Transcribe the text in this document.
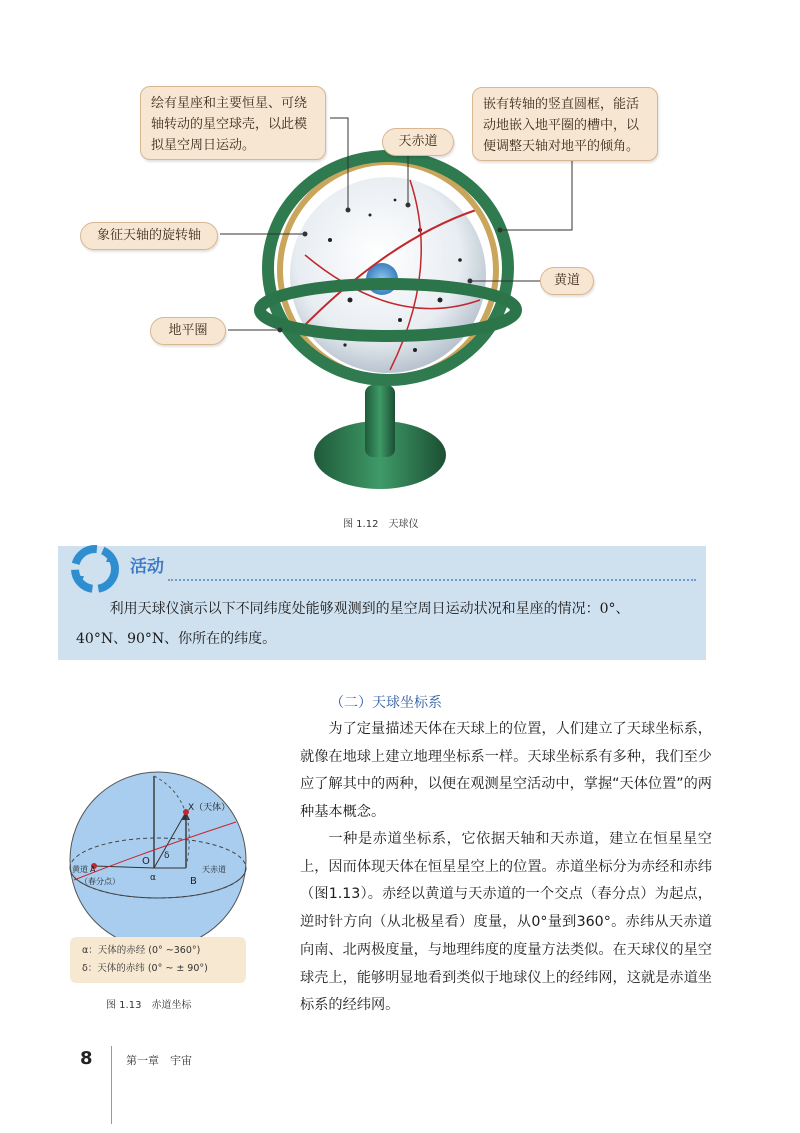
绘有星座和主要恒星、可绕轴转动的星空球壳，以此模拟星空周日运动。
嵌有转轴的竖直圆框，能活动地嵌入地平圈的槽中，以便调整天轴对地平的倾角。
象征天轴的旋转轴
天赤道
黄道
地平圈
图 1.12　天球仪
活动
利用天球仪演示以下不同纬度处能够观测到的星空周日运动状况和星座的情况：0°、40°N、90°N、你所在的纬度。
（二）天球坐标系
为了定量描述天体在天球上的位置，人们建立了天球坐标系，就像在地球上建立地理坐标系一样。天球坐标系有多种，我们至少应了解其中的两种，以便在观测星空活动中，掌握“天体位置”的两种基本概念。
一种是赤道坐标系，它依据天轴和天赤道，建立在恒星星空上，因而体现天体在恒星星空上的位置。赤道坐标分为赤经和赤纬（图1.13）。赤经以黄道与天赤道的一个交点（春分点）为起点，逆时针方向（从北极星看）度量，从0°量到360°。赤纬从天赤道向南、北两极度量，与地理纬度的度量方法类似。在天球仪的星空球壳上，能够明显地看到类似于地球仪上的经纬网，这就是赤道坐标系的经纬网。
X（天体）
O δ
α	B
天赤道
黄道 A
（春分点）
α：天体的赤经 (0° ~360°)
δ：天体的赤纬 (0° ~ ± 90°)
图 1.13　赤道坐标
8	第一章　宇宙
